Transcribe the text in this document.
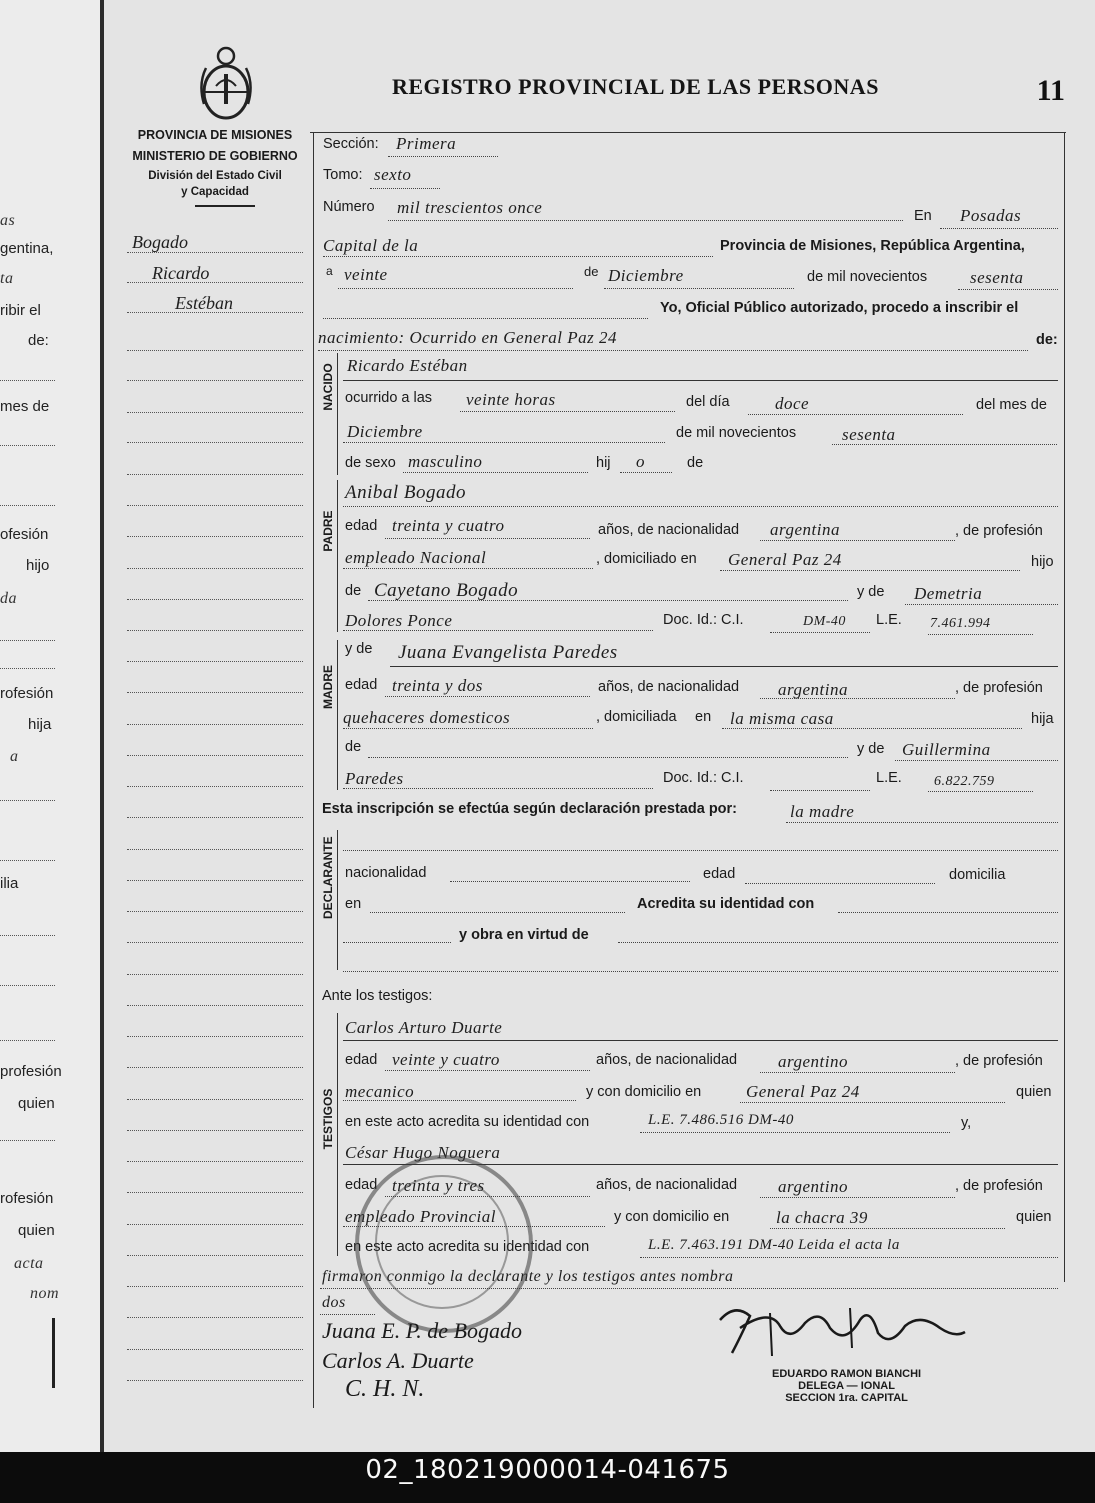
as
gentina,
ta
ribir el
de:
mes de
ofesión
hijo
da
rofesión
hija
a
ilia
profesión
quien
rofesión
quien
acta
nom
REGISTRO PROVINCIAL DE LAS PERSONAS	11
PROVINCIA DE MISIONES
MINISTERIO DE GOBIERNO
División del Estado Civil
y Capacidad
Bogado
Ricardo
Estéban
Sección: Primera
Tomo: sexto
Número mil trescientos once	En Posadas
Capital de la	Provincia de Misiones, República Argentina,
a veinte	de Diciembre	de mil novecientos	sesenta
Yo, Oficial Público autorizado, procedo a inscribir el
nacimiento: Ocurrido en General Paz 24	de:
NACIDO Ricardo Estéban
ocurrido a las veinte horas	del día	doce	del mes de
Diciembre	de mil novecientos	sesenta
de sexo masculino	hij o	de
PADRE
Anibal Bogado
edad treinta y cuatro	años, de nacionalidad argentina	, de profesión
empleado Nacional	, domiciliado en General Paz 24	hijo
de Cayetano Bogado	y de Demetria
Dolores Ponce	Doc. Id.: C.I.	DM-40 L.E. 7.461.994
MADRE
y de Juana Evangelista Paredes
edad treinta y dos	años, de nacionalidad argentina	, de profesión
quehaceres domesticos	, domiciliada en la misma casa	hija
de	y de Guillermina
Paredes	Doc. Id.: C.I.	L.E. 6.822.759
Esta inscripción se efectúa según declaración prestada por:	la madre
DECLARANTE nacionalidad	edad	domicilia
en	Acredita su identidad con
y obra en virtud de
Ante los testigos:
TESTIGOS
Carlos Arturo Duarte
edad veinte y cuatro	años, de nacionalidad argentino	, de profesión
mecanico	y con domicilio en	General Paz 24	quien
en este acto acredita su identidad con	L.E. 7.486.516 DM-40	y,
César Hugo Noguera
edad treinta y tres	años, de nacionalidad argentino	, de profesión
empleado Provincial	y con domicilio en	la chacra 39	quien
en este acto acredita su identidad con	L.E. 7.463.191 DM-40 Leida el acta la
firmaron conmigo la declarante y los testigos antes nombra
dos
Juana E. P. de Bogado
Carlos A. Duarte
C. H. N.
EDUARDO RAMON BIANCHI
DELEGA — IONAL
SECCION 1ra. CAPITAL
02_180219000014-041675
